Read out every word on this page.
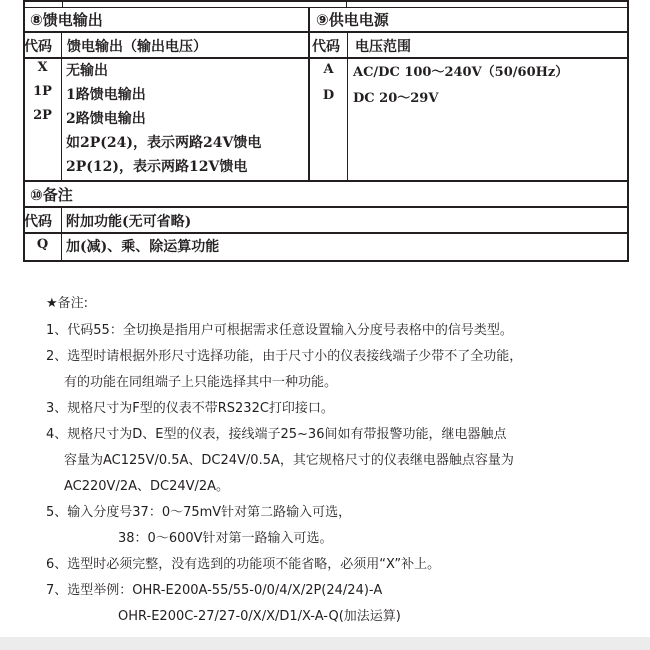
⑧馈电输出	⑨供电电源
代码 馈电输出（输出电压）	代码 电压范围
X	无输出
1P	1路馈电输出
2P	2路馈电输出
如2P(24)，表示两路24V馈电
2P(12)，表示两路12V馈电
A	AC/DC 100～240V（50/60Hz）
D	DC 20～29V
⑩备注
代码 附加功能(无可省略)
Q	加(减)、乘、除运算功能
★备注:
1、代码55：全切换是指用户可根据需求任意设置输入分度号表格中的信号类型。
2、选型时请根据外形尺寸选择功能，由于尺寸小的仪表接线端子少带不了全功能，
有的功能在同组端子上只能选择其中一种功能。
3、规格尺寸为F型的仪表不带RS232C打印接口。
4、规格尺寸为D、E型的仪表，接线端子25~36间如有带报警功能，继电器触点
容量为AC125V/0.5A、DC24V/0.5A，其它规格尺寸的仪表继电器触点容量为
AC220V/2A、DC24V/2A。
5、输入分度号37：0～75mV针对第二路输入可选，
38：0～600V针对第一路输入可选。
6、选型时必须完整，没有选到的功能项不能省略，必须用“X”补上。
7、选型举例：OHR-E200A-55/55-0/0/4/X/2P(24/24)-A
OHR-E200C-27/27-0/X/X/D1/X-A-Q(加法运算)
